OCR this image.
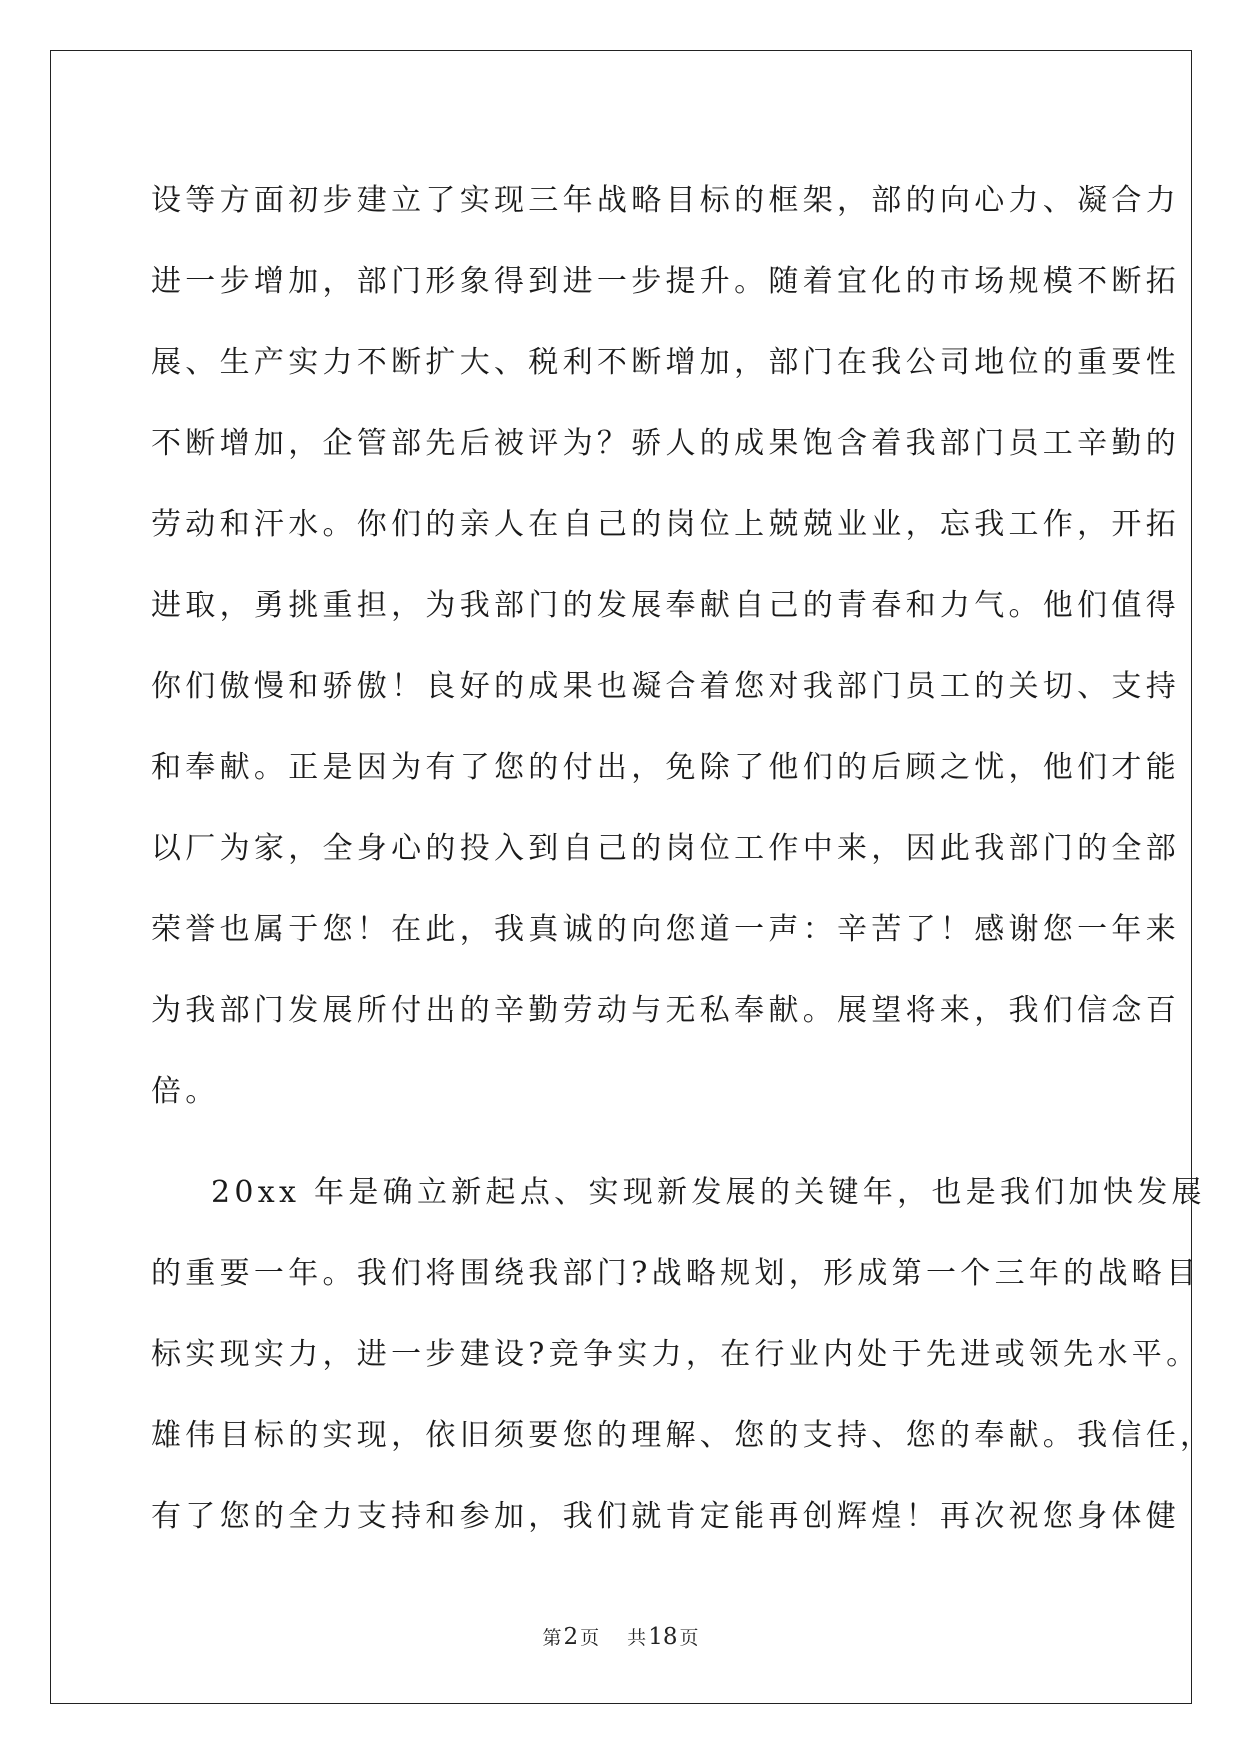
设等方面初步建立了实现三年战略目标的框架，部的向心力、凝合力
进一步增加，部门形象得到进一步提升。随着宜化的市场规模不断拓
展、生产实力不断扩大、税利不断增加，部门在我公司地位的重要性
不断增加，企管部先后被评为？骄人的成果饱含着我部门员工辛勤的
劳动和汗水。你们的亲人在自己的岗位上兢兢业业，忘我工作，开拓
进取，勇挑重担，为我部门的发展奉献自己的青春和力气。他们值得
你们傲慢和骄傲！良好的成果也凝合着您对我部门员工的关切、支持
和奉献。正是因为有了您的付出，免除了他们的后顾之忧，他们才能
以厂为家，全身心的投入到自己的岗位工作中来，因此我部门的全部
荣誉也属于您！在此，我真诚的向您道一声：辛苦了！感谢您一年来
为我部门发展所付出的辛勤劳动与无私奉献。展望将来，我们信念百
倍。
20xx 年是确立新起点、实现新发展的关键年，也是我们加快发展
的重要一年。我们将围绕我部门?战略规划，形成第一个三年的战略目
标实现实力，进一步建设?竞争实力，在行业内处于先进或领先水平。
雄伟目标的实现，依旧须要您的理解、您的支持、您的奉献。我信任，
有了您的全力支持和参加，我们就肯定能再创辉煌！再次祝您身体健
第2 页 共18 页
